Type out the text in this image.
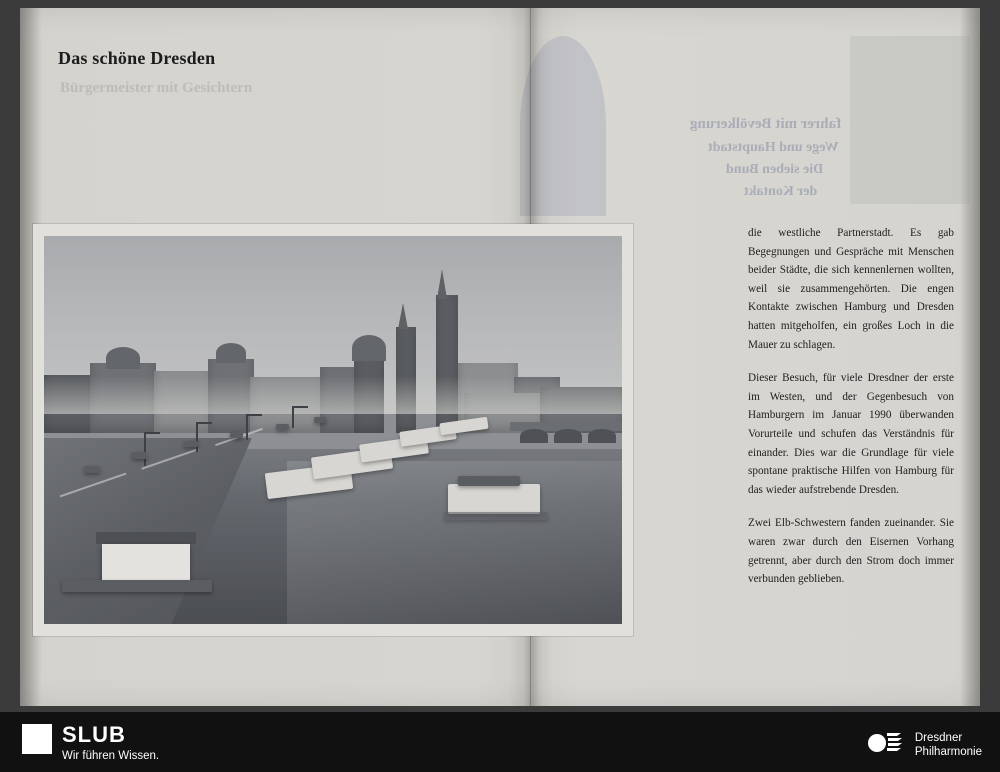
Bürgermeister mit Gesichtern
fahrer mit Bevölkerung
Wege und Hauptstadt
Die sieben Bund
der Kontakt
Das schöne Dresden

die westliche Partnerstadt. Es gab Begegnungen und Gespräche mit Menschen beider Städte, die sich kennenlernen wollten, weil sie zusammengehörten. Die engen Kontakte zwischen Hamburg und Dresden hatten mitgeholfen, ein großes Loch in die Mauer zu schlagen.

Dieser Besuch, für viele Dresdner der erste im Westen, und der Gegenbesuch von Hamburgern im Januar 1990 überwanden Vorurteile und schufen das Verständnis für einander. Dies war die Grundlage für viele spontane praktische Hilfen von Hamburg für das wieder aufstrebende Dresden.

Zwei Elb-Schwestern fanden zueinander. Sie waren zwar durch den Eisernen Vorhang getrennt, aber durch den Strom doch immer verbunden geblieben.

SLUB
Wir führen Wissen.
Dresdner
Philharmonie
